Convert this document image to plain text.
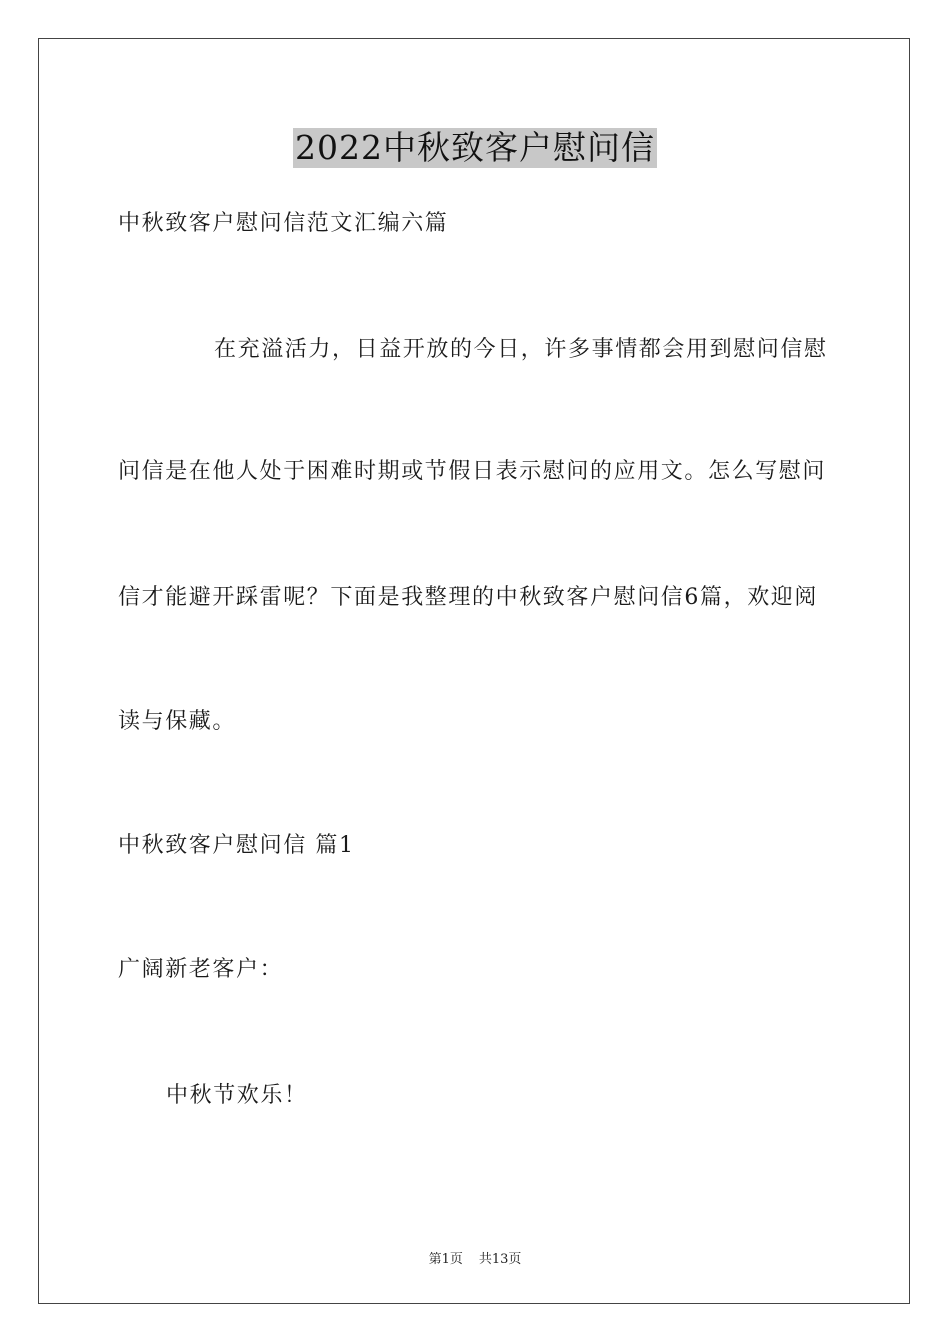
2022中秋致客户慰问信
中秋致客户慰问信范文汇编六篇
在充溢活力，日益开放的今日，许多事情都会用到慰问信慰
问信是在他人处于困难时期或节假日表示慰问的应用文。怎么写慰问
信才能避开踩雷呢？下面是我整理的中秋致客户慰问信6篇，欢迎阅
读与保藏。
中秋致客户慰问信 篇1
广阔新老客户：
中秋节欢乐！
第1页 共13页
